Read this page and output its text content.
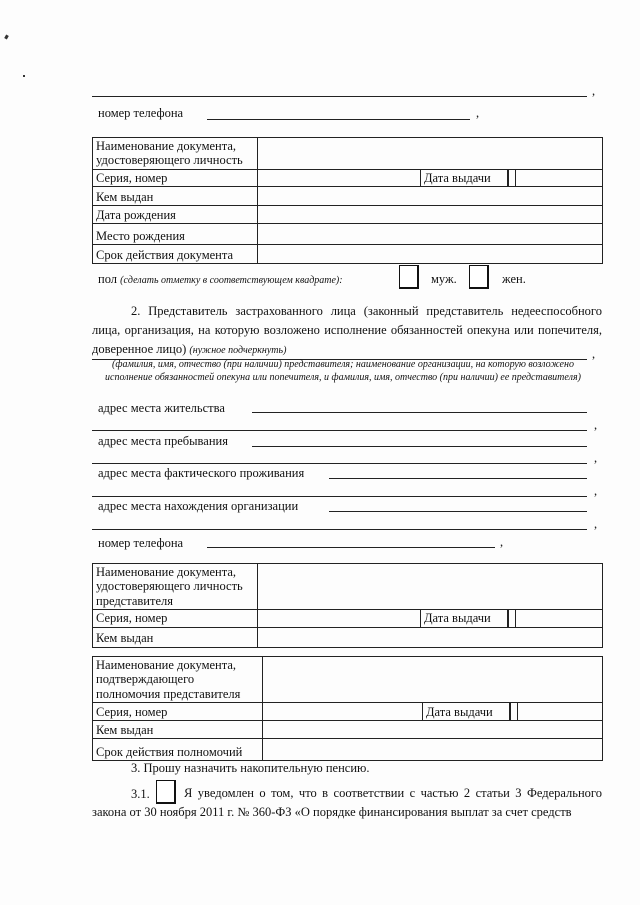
,
номер телефона	,
Наименование документа, удостоверяющего личность				
Серия, номер		Дата выдачи		
Кем выдан				
Дата рождения				
Место рождения				
Срок действия документа				
пол (сделать отметку в соответствующем квадрате):	муж.	жен.
2. Представитель застрахованного лица (законный представитель недееспособного лица, организация, на которую возложено исполнение обязанностей опекуна или попечителя, доверенное лицо) (нужное подчеркнуть)	,
(фамилия, имя, отчество (при наличии) представителя; наименование организации, на которую возложено исполнение обязанностей опекуна или попечителя, и фамилия, имя, отчество (при наличии) ее представителя)
адрес места жительства
,
адрес места пребывания
,
адрес места фактического проживания
,
адрес места нахождения организации
,
номер телефона	,
Наименование документа, удостоверяющего личность представителя				
Серия, номер		Дата выдачи		
Кем выдан				
Наименование документа, подтверждающего полномочия представителя				
Серия, номер		Дата выдачи		
Кем выдан				
Срок действия полномочий				
3. Прошу назначить накопительную пенсию.
3.1.	Я уведомлен о том, что в соответствии с частью 2 статьи 3 Федерального закона от 30 ноября 2011 г. № 360-ФЗ «О порядке финансирования выплат за счет средств
